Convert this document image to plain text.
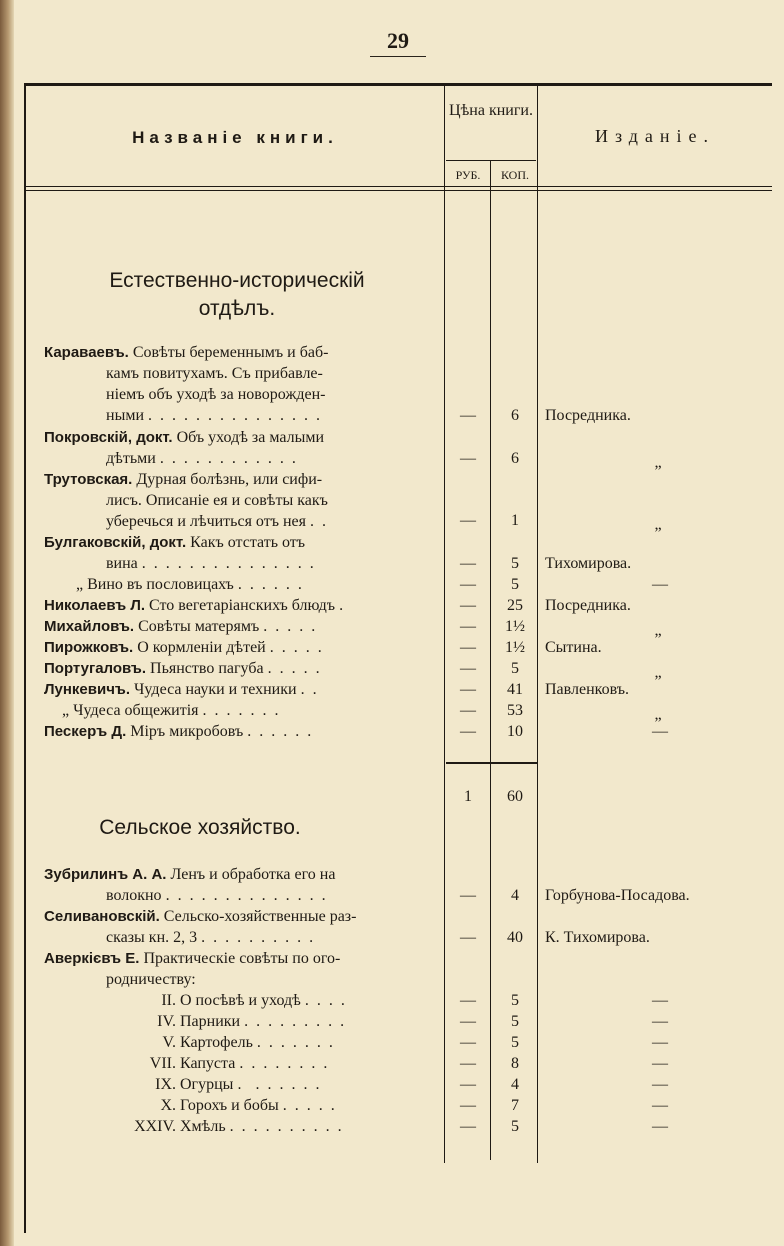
29
Названіе книги.
Цѣна книги.
РУБ.	КОП.
Изданіе.
Естественно-историческій
отдѣлъ.
Караваевъ. Совѣты беременнымъ и баб-
камъ повитухамъ. Съ прибавле-
ніемъ объ уходѣ за новорожден-
ными . . . . . . . . . . . . . . .	—	6	Посредника.
Покровскій, докт. Объ уходѣ за малыми
дѣтьми . . . . . . . . . . . .	—	6	„
Трутовская. Дурная болѣзнь, или сифи-
лисъ. Описаніе ея и совѣты какъ
уберечься и лѣчиться отъ нея . .	—	1	„
Булгаковскій, докт. Какъ отстать отъ
вина . . . . . . . . . . . . . . .	—	5	Тихомирова.
„ Вино въ пословицахъ . . . . . .	—	5	—
Николаевъ Л. Сто вегетаріанскихъ блюдъ .	—	25	Посредника.
Михайловъ. Совѣты матерямъ . . . . .	—	1½	„
Пирожковъ. О кормленіи дѣтей . . . . .	—	1½	Сытина.
Португаловъ. Пьянство пагуба . . . . .	—	5	„
Лункевичъ. Чудеса науки и техники . .	—	41	Павленковъ.
„ Чудеса общежитія . . . . . . .	—	53	„
Пескеръ Д. Міръ микробовъ . . . . . .	—	10	—
1	60
Сельское хозяйство.
Зубрилинъ А. А. Ленъ и обработка его на
волокно . . . . . . . . . . . . . .	—	4	Горбунова-Посадова.
Селивановскій. Сельско-хозяйственные раз-
сказы кн. 2, 3 . . . . . . . . . .	—	40	К. Тихомирова.
Аверкієвъ Е. Практическіе совѣты по ого-
родничеству:
II. О посѣвѣ и уходѣ . . . .	—	5	—
IV. Парники . . . . . . . . .	—	5	—
V. Картофель . . . . . . .	—	5	—
VII. Капуста . . . . . . . .	—	8	—
IX. Огурцы .  . . . . . .	—	4	—
X. Горохъ и бобы . . . . .	—	7	—
XXIV. Хмѣль . . . . . . . . . .	—	5	—
